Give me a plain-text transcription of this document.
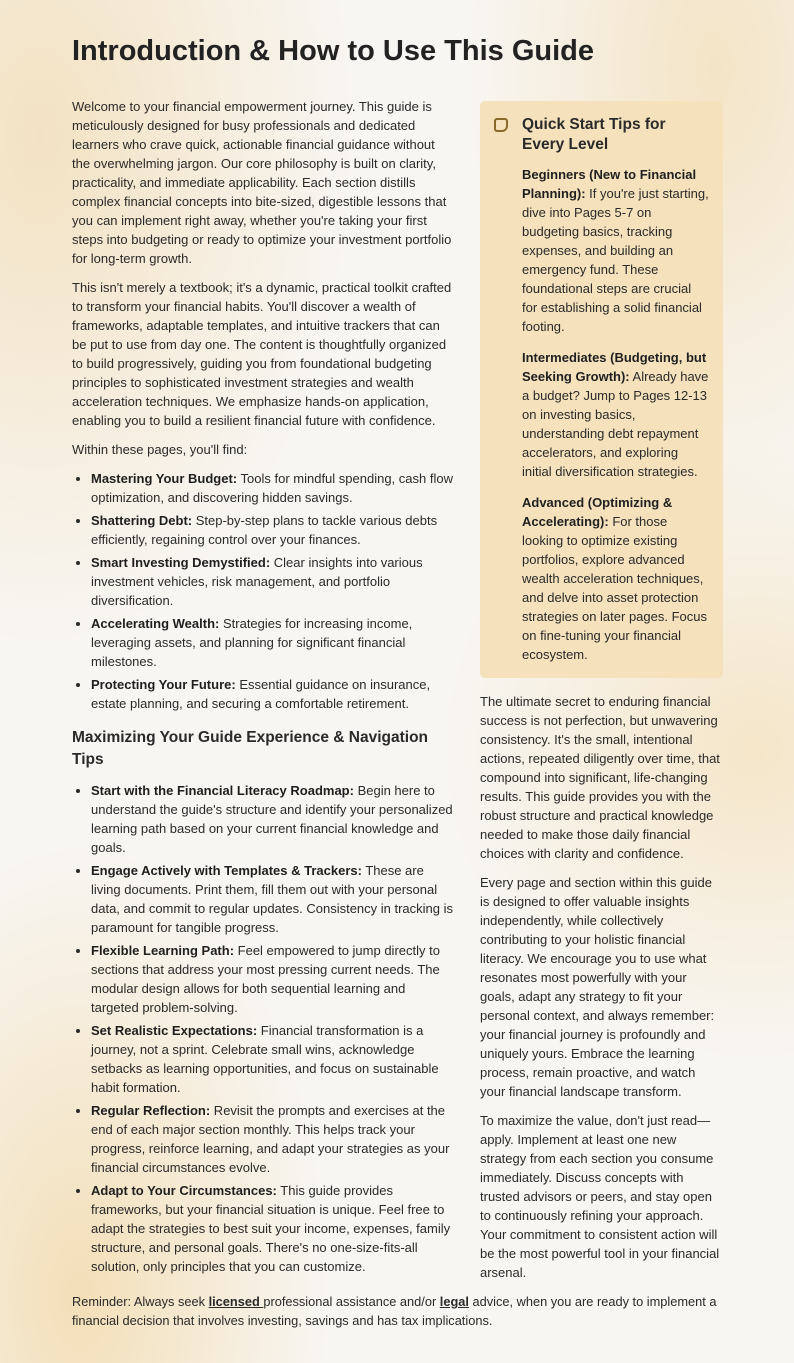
Introduction & How to Use This Guide

Welcome to your financial empowerment journey. This guide is meticulously designed for busy professionals and dedicated learners who crave quick, actionable financial guidance without the overwhelming jargon. Our core philosophy is built on clarity, practicality, and immediate applicability. Each section distills complex financial concepts into bite-sized, digestible lessons that you can implement right away, whether you're taking your first steps into budgeting or ready to optimize your investment portfolio for long-term growth.

This isn't merely a textbook; it's a dynamic, practical toolkit crafted to transform your financial habits. You'll discover a wealth of frameworks, adaptable templates, and intuitive trackers that can be put to use from day one. The content is thoughtfully organized to build progressively, guiding you from foundational budgeting principles to sophisticated investment strategies and wealth acceleration techniques. We emphasize hands-on application, enabling you to build a resilient financial future with confidence.

Within these pages, you'll find:

• Mastering Your Budget: Tools for mindful spending, cash flow optimization, and discovering hidden savings.
• Shattering Debt: Step-by-step plans to tackle various debts efficiently, regaining control over your finances.
• Smart Investing Demystified: Clear insights into various investment vehicles, risk management, and portfolio diversification.
• Accelerating Wealth: Strategies for increasing income, leveraging assets, and planning for significant financial milestones.
• Protecting Your Future: Essential guidance on insurance, estate planning, and securing a comfortable retirement.
Maximizing Your Guide Experience & Navigation Tips
• Start with the Financial Literacy Roadmap: Begin here to understand the guide's structure and identify your personalized learning path based on your current financial knowledge and goals.
• Engage Actively with Templates & Trackers: These are living documents. Print them, fill them out with your personal data, and commit to regular updates. Consistency in tracking is paramount for tangible progress.
• Flexible Learning Path: Feel empowered to jump directly to sections that address your most pressing current needs. The modular design allows for both sequential learning and targeted problem-solving.
• Set Realistic Expectations: Financial transformation is a journey, not a sprint. Celebrate small wins, acknowledge setbacks as learning opportunities, and focus on sustainable habit formation.
• Regular Reflection: Revisit the prompts and exercises at the end of each major section monthly. This helps track your progress, reinforce learning, and adapt your strategies as your financial circumstances evolve.
• Adapt to Your Circumstances: This guide provides frameworks, but your financial situation is unique. Feel free to adapt the strategies to best suit your income, expenses, family structure, and personal goals. There's no one-size-fits-all solution, only principles that you can customize.
Quick Start Tips for Every Level

Beginners (New to Financial Planning): If you're just starting, dive into Pages 5-7 on budgeting basics, tracking expenses, and building an emergency fund. These foundational steps are crucial for establishing a solid financial footing.

Intermediates (Budgeting, but Seeking Growth): Already have a budget? Jump to Pages 12-13 on investing basics, understanding debt repayment accelerators, and exploring initial diversification strategies.

Advanced (Optimizing & Accelerating): For those looking to optimize existing portfolios, explore advanced wealth acceleration techniques, and delve into asset protection strategies on later pages. Focus on fine-tuning your financial ecosystem.

The ultimate secret to enduring financial success is not perfection, but unwavering consistency. It's the small, intentional actions, repeated diligently over time, that compound into significant, life-changing results. This guide provides you with the robust structure and practical knowledge needed to make those daily financial choices with clarity and confidence.

Every page and section within this guide is designed to offer valuable insights independently, while collectively contributing to your holistic financial literacy. We encourage you to use what resonates most powerfully with your goals, adapt any strategy to fit your personal context, and always remember: your financial journey is profoundly and uniquely yours. Embrace the learning process, remain proactive, and watch your financial landscape transform.

To maximize the value, don't just read—apply. Implement at least one new strategy from each section you consume immediately. Discuss concepts with trusted advisors or peers, and stay open to continuously refining your approach. Your commitment to consistent action will be the most powerful tool in your financial arsenal.

Reminder: Always seek licensed professional assistance and/or legal advice, when you are ready to implement a financial decision that involves investing, savings and has tax implications.
